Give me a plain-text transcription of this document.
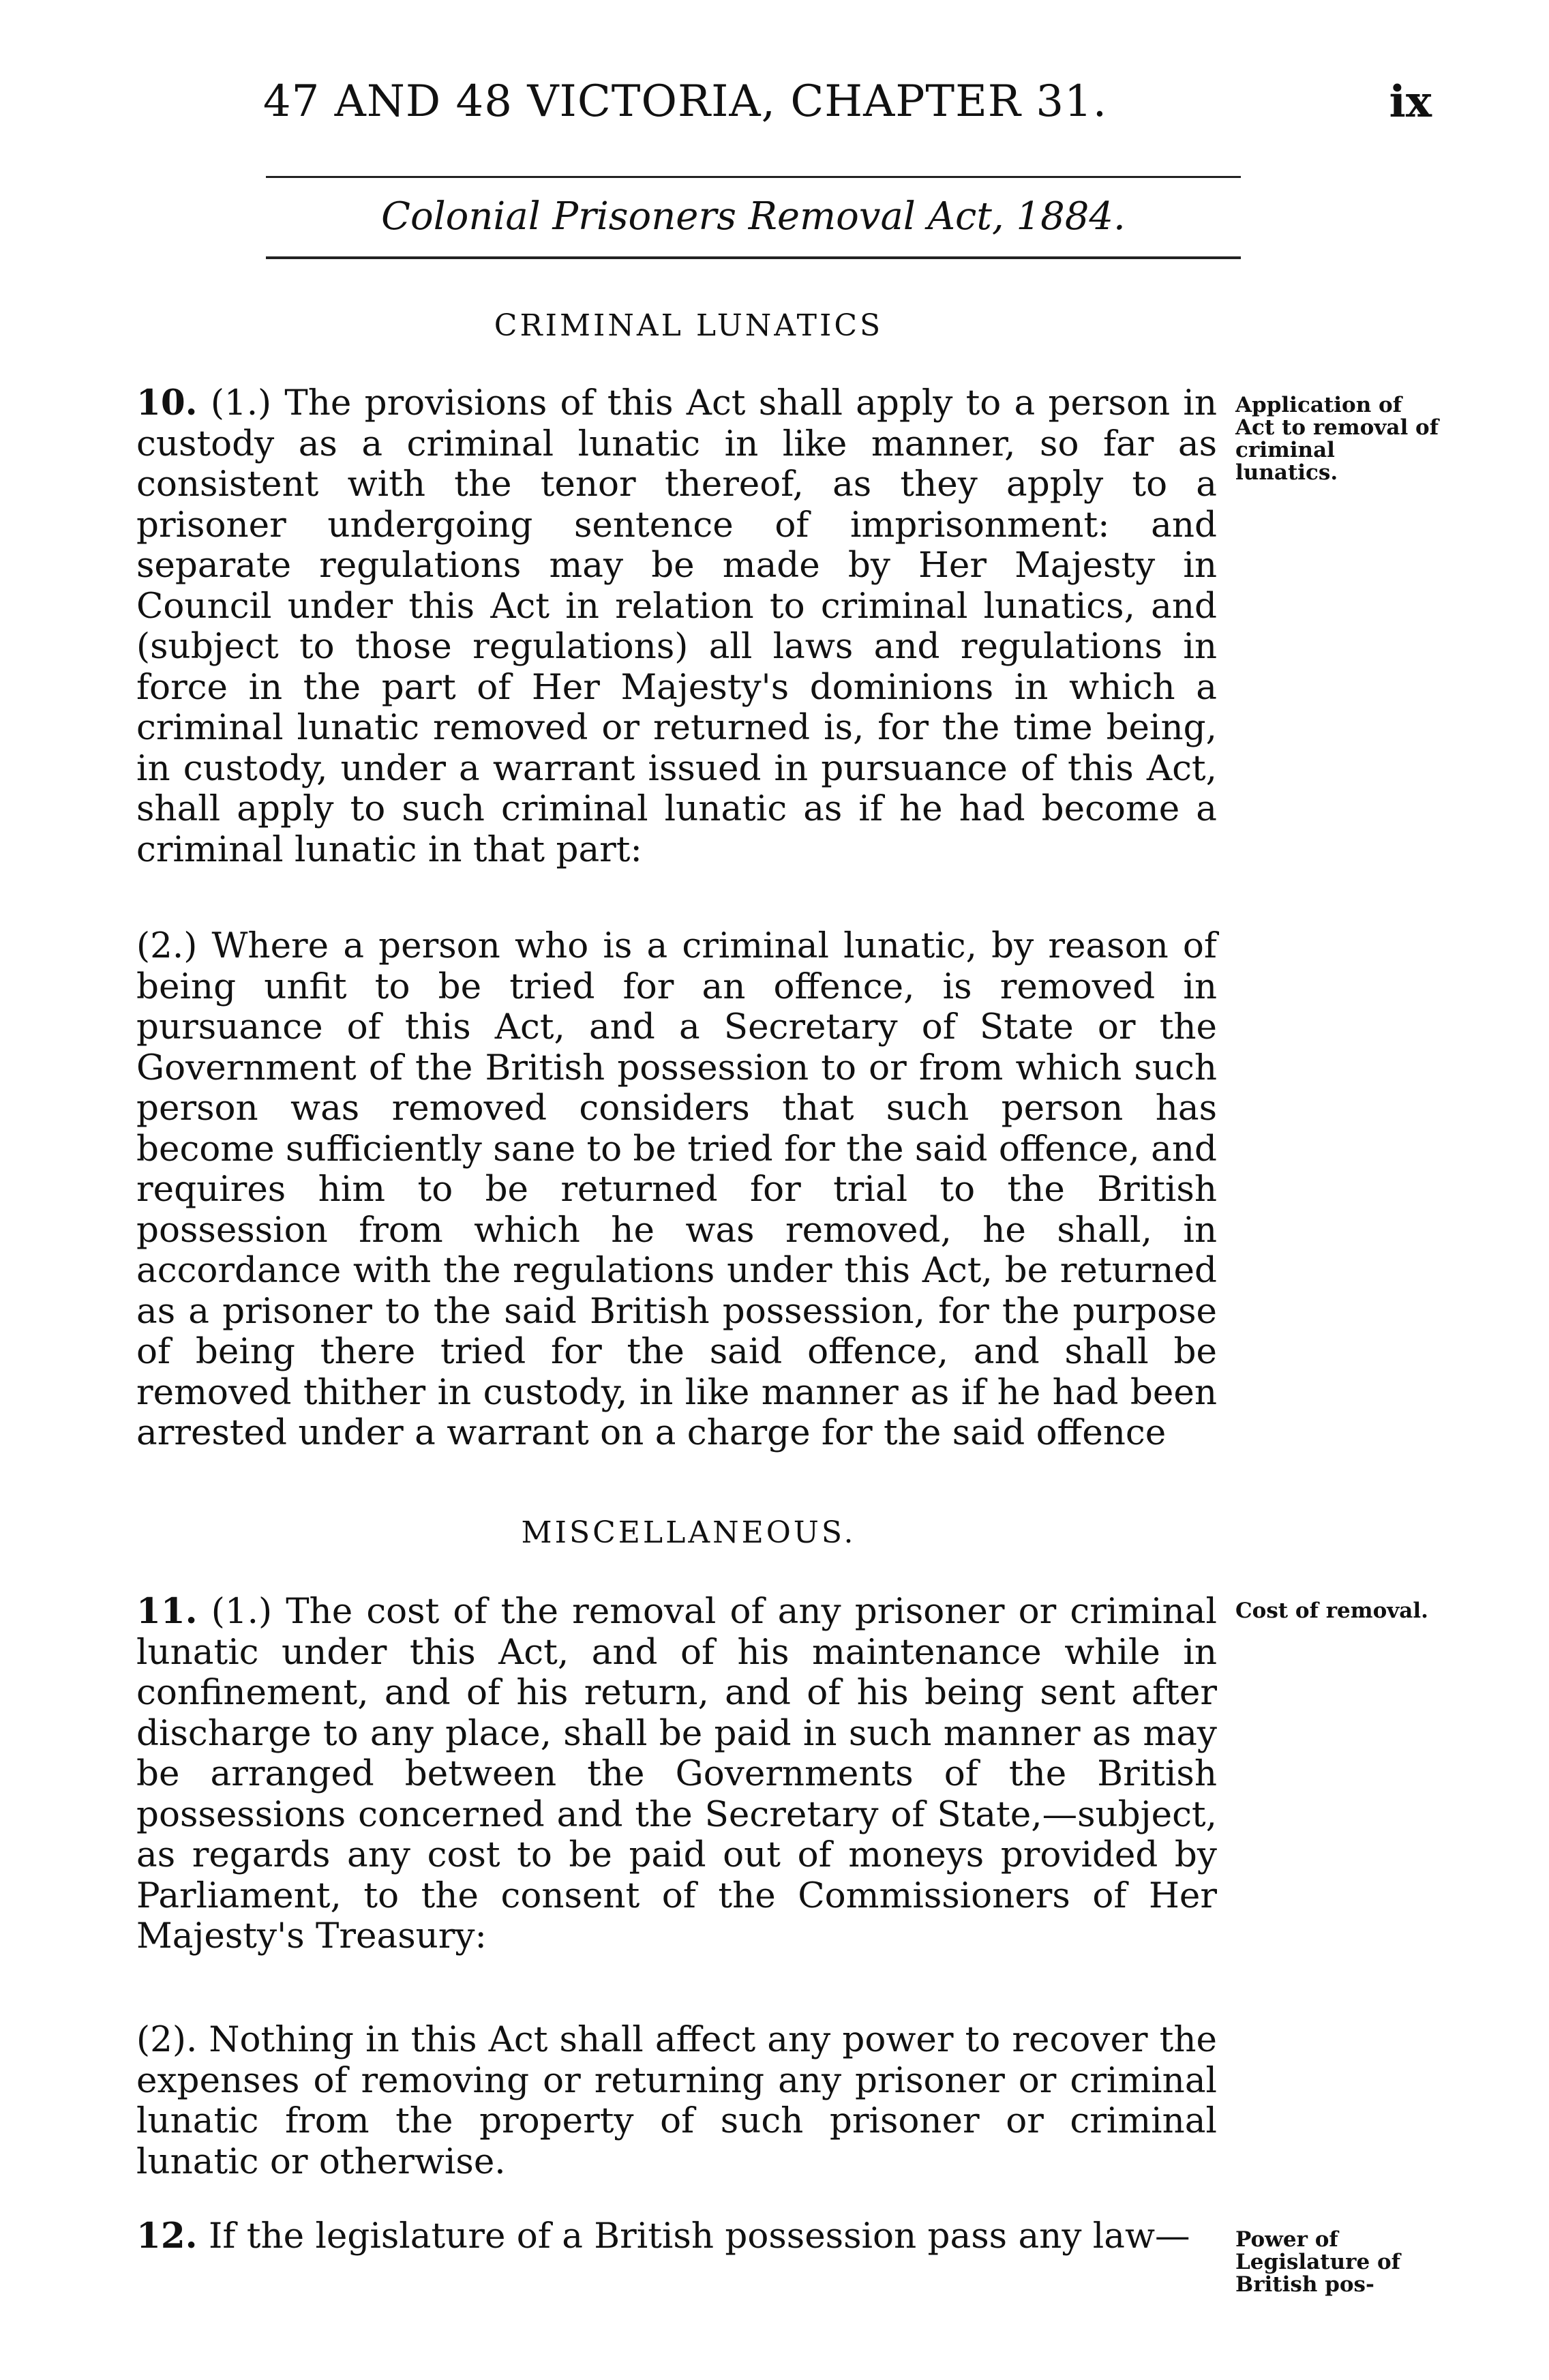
47 AND 48 VICTORIA, CHAPTER 31.	ix
Colonial Prisoners Removal Act, 1884.
CRIMINAL LUNATICS
10. (1.) The provisions of this Act shall apply to a person in custody as a criminal lunatic in like manner, so far as consistent with the tenor thereof, as they apply to a prisoner undergoing sentence of imprisonment: and separate regulations may be made by Her Majesty in Council under this Act in relation to criminal lunatics, and (subject to those regulations) all laws and regulations in force in the part of Her Majesty's dominions in which a criminal lunatic removed or returned is, for the time being, in custody, under a warrant issued in pursuance of this Act, shall apply to such criminal lunatic as if he had become a criminal lunatic in that part:
Application of Act to removal of criminal lunatics.
(2.) Where a person who is a criminal lunatic, by reason of being unfit to be tried for an offence, is removed in pursuance of this Act, and a Secretary of State or the Government of the British possession to or from which such person was removed considers that such person has become sufficiently sane to be tried for the said offence, and requires him to be returned for trial to the British possession from which he was removed, he shall, in accordance with the regulations under this Act, be returned as a prisoner to the said British possession, for the purpose of being there tried for the said offence, and shall be removed thither in custody, in like manner as if he had been arrested under a warrant on a charge for the said offence
MISCELLANEOUS.
11. (1.) The cost of the removal of any prisoner or criminal lunatic under this Act, and of his maintenance while in confinement, and of his return, and of his being sent after discharge to any place, shall be paid in such manner as may be arranged between the Governments of the British possessions concerned and the Secretary of State,—subject, as regards any cost to be paid out of moneys provided by Parliament, to the consent of the Commissioners of Her Majesty's Treasury:
Cost of removal.
(2). Nothing in this Act shall affect any power to recover the expenses of removing or returning any prisoner or criminal lunatic from the property of such prisoner or criminal lunatic or otherwise.
12. If the legislature of a British possession pass any law—	Power of Legislature of British pos-
